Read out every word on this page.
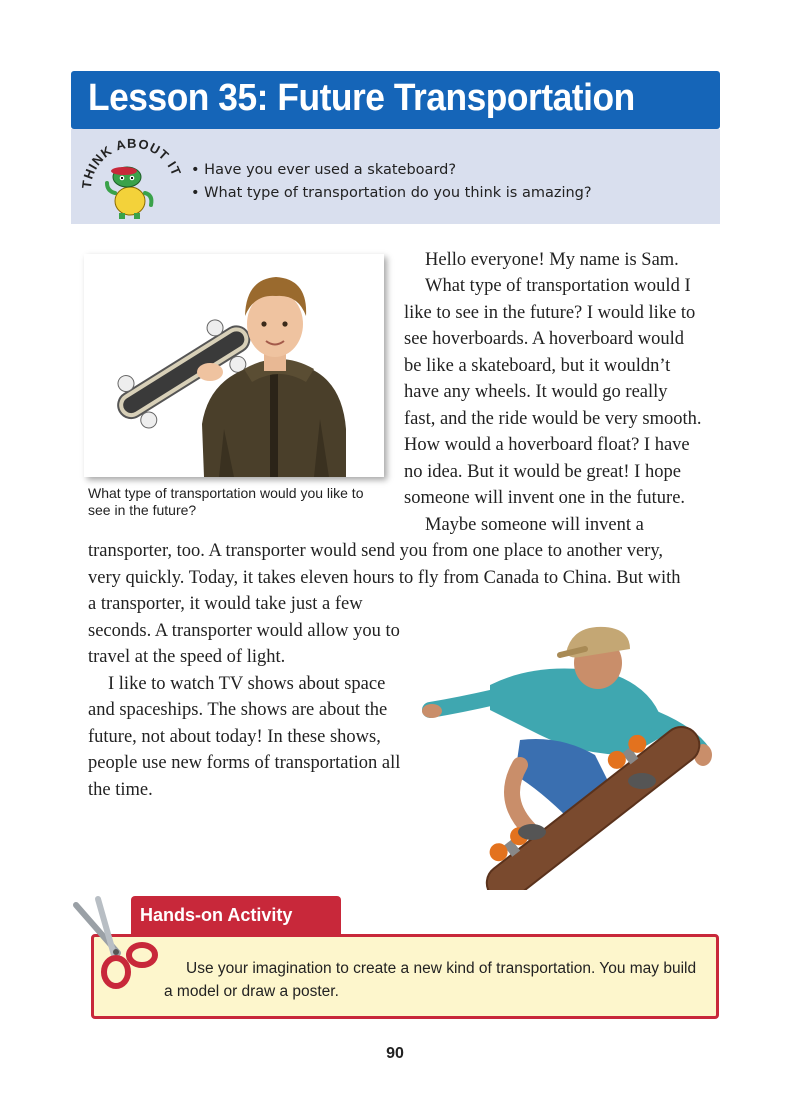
Lesson 35: Future Transportation
THINK ABOUT IT
•	Have you ever used a skateboard?
• What type of transportation do you think is amazing?
What type of transportation would you like to see in the future?
Hello everyone! My name is Sam.
What type of transportation would I
like to see in the future? I would like to
see hoverboards. A hoverboard would
be like a skateboard, but it wouldn’t
have any wheels. It would go really
fast, and the ride would be very smooth.
How would a hoverboard float? I have
no idea. But it would be great! I hope
someone will invent one in the future.
Maybe someone will invent a
transporter, too. A transporter would send you from one place to another very,
very quickly. Today, it takes eleven hours to fly from Canada to China. But with
a transporter, it would take just a few
seconds. A transporter would allow you to
travel at the speed of light.
I like to watch TV shows about space
and spaceships. The shows are about the
future, not about today! In these shows,
people use new forms of transportation all
the time.
Hands-on Activity
Use your imagination to create a new kind of transportation. You may build a model or draw a poster.
90
